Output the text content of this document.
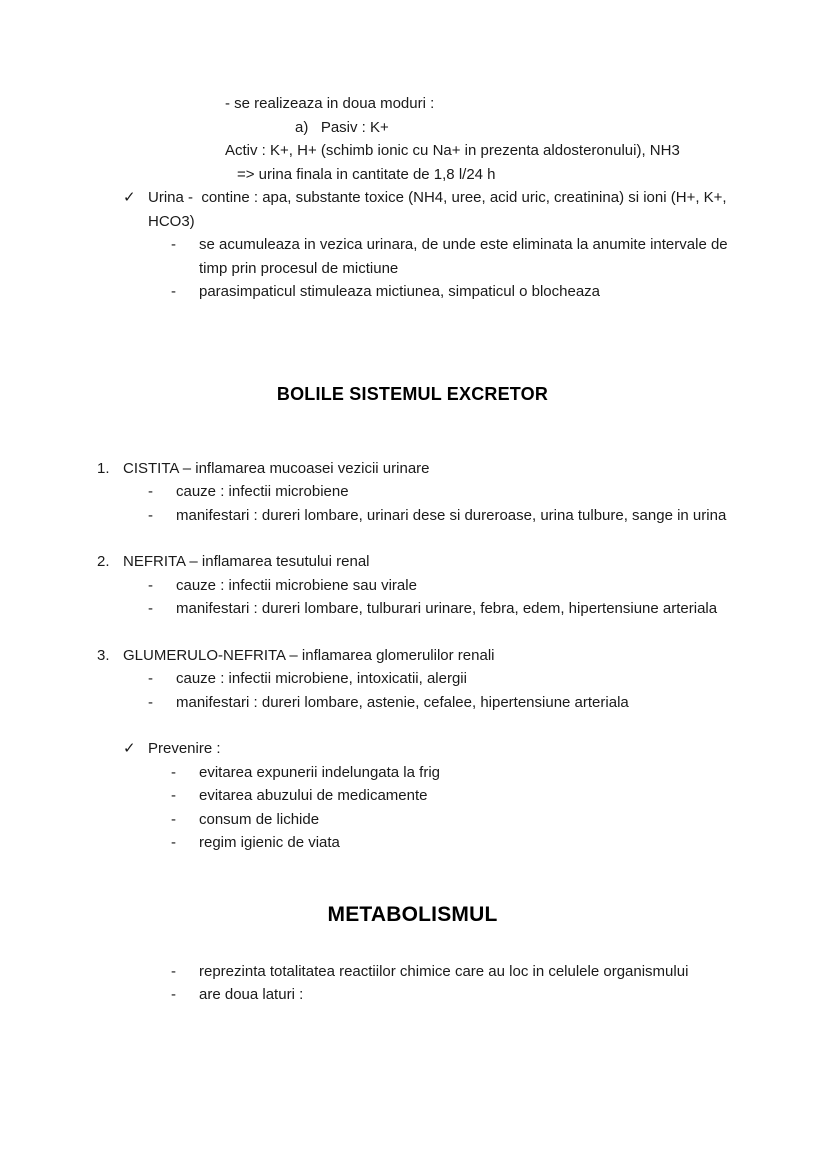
- se realizeaza in doua moduri :
a)   Pasiv : K+
Activ : K+, H+ (schimb ionic cu Na+ in prezenta aldosteronului), NH3
=> urina finala in cantitate de 1,8 l/24 h
✓ Urina -  contine : apa, substante toxice (NH4, uree, acid uric, creatinina) si ioni (H+, K+, HCO3)
-	se acumuleaza in vezica urinara, de unde este eliminata la anumite intervale de timp prin procesul de mictiune
-	parasimpaticul stimuleaza mictiunea, simpaticul o blocheaza
BOLILE SISTEMUL EXCRETOR
1. CISTITA – inflamarea mucoasei vezicii urinare
-	cauze : infectii microbiene
-	manifestari : dureri lombare, urinari dese si dureroase, urina tulbure, sange in urina
2. NEFRITA – inflamarea tesutului renal
-	cauze : infectii microbiene sau virale
-	manifestari : dureri lombare, tulburari urinare, febra, edem, hipertensiune arteriala
3. GLUMERULO-NEFRITA – inflamarea glomerulilor renali
-	cauze : infectii microbiene, intoxicatii, alergii
-	manifestari : dureri lombare, astenie, cefalee, hipertensiune arteriala
✓ Prevenire :
-	evitarea expunerii indelungata la frig
-	evitarea abuzului de medicamente
-	consum de lichide
-	regim igienic de viata
METABOLISMUL
-	reprezinta totalitatea reactiilor chimice care au loc in celulele organismului
-	are doua laturi :
